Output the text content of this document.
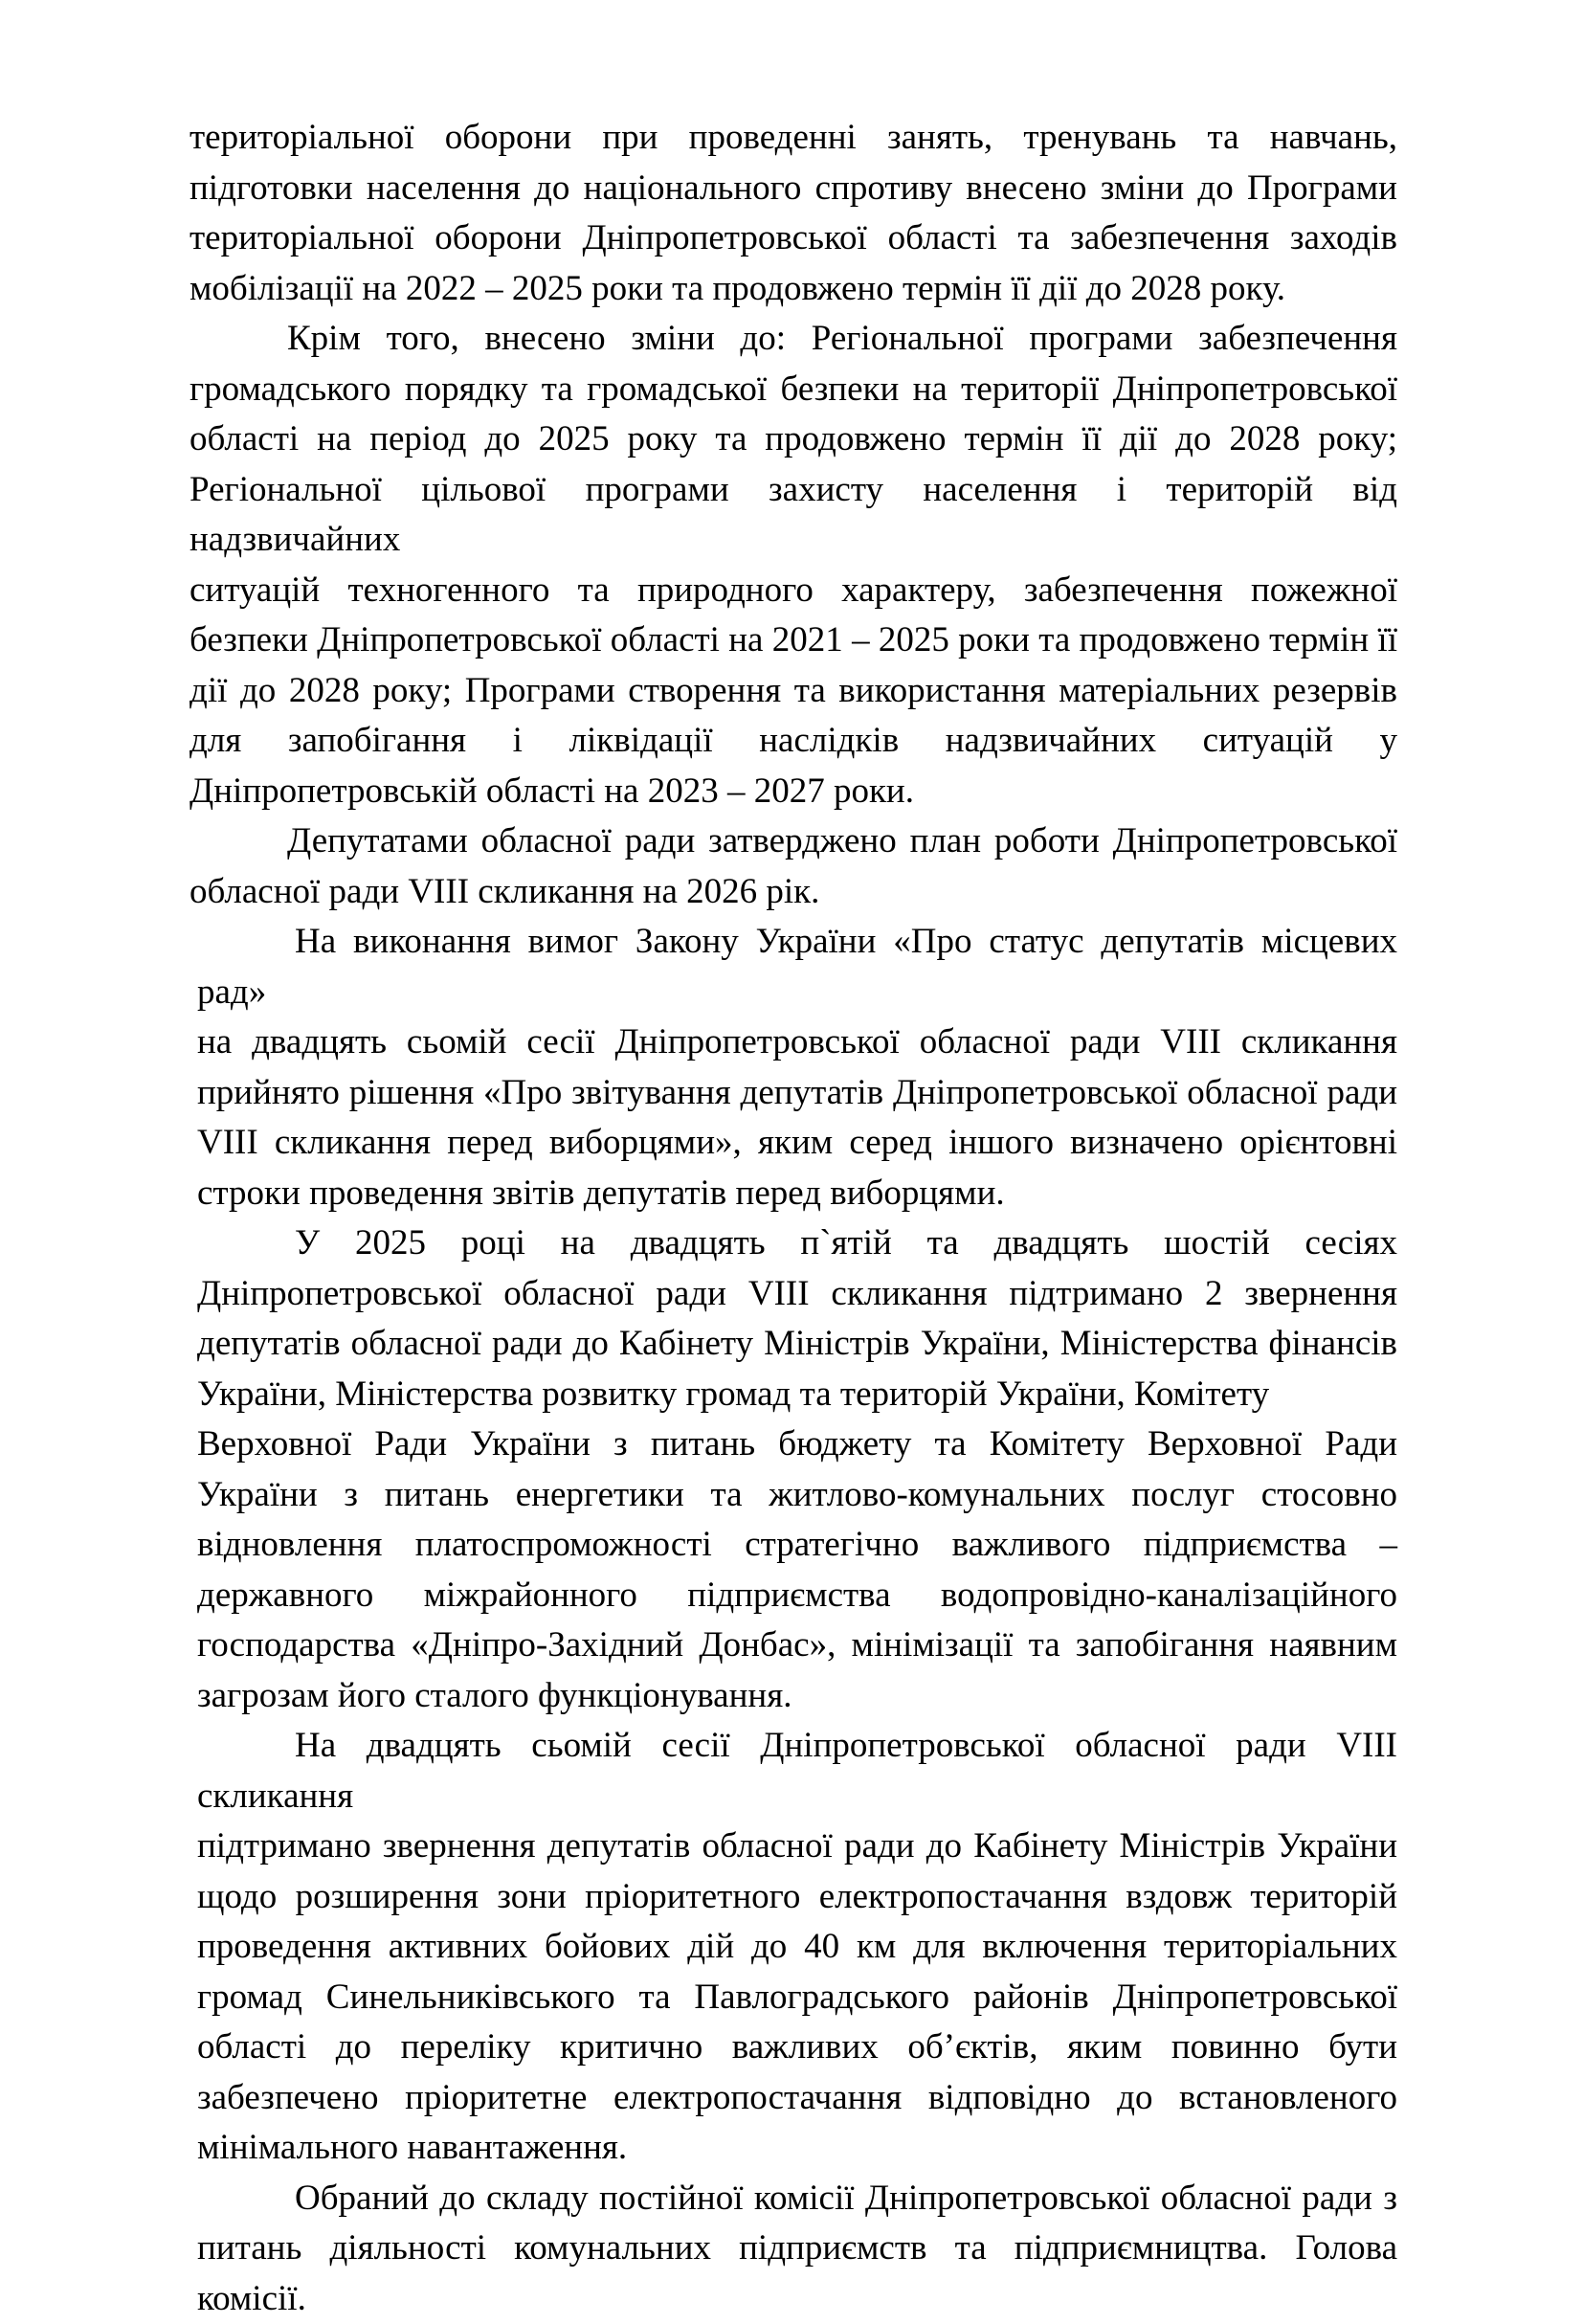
територіальної оборони при проведенні занять, тренувань та навчань,
підготовки населення до національного спротиву внесено зміни до Програми
територіальної оборони Дніпропетровської області та забезпечення заходів
мобілізації на 2022 – 2025 роки та продовжено термін її дії до 2028 року.
Крім того, внесено зміни до: Регіональної програми забезпечення
громадського порядку та громадської безпеки на території Дніпропетровської
області на період до 2025 року та продовжено термін її дії до 2028 року;
Регіональної цільової програми захисту населення і територій від надзвичайних
ситуацій техногенного та природного характеру, забезпечення пожежної
безпеки Дніпропетровської області на 2021 – 2025 роки та продовжено термін її
дії до 2028 року; Програми створення та використання матеріальних резервів
для запобігання і ліквідації наслідків надзвичайних ситуацій у
Дніпропетровській області на 2023 – 2027 роки.
Депутатами обласної ради затверджено план роботи Дніпропетровської
обласної ради VIII скликання на 2026 рік.
На виконання вимог Закону України «Про статус депутатів місцевих рад»
на двадцять сьомій сесії Дніпропетровської обласної ради VIII скликання
прийнято рішення «Про звітування депутатів Дніпропетровської обласної ради
VIII скликання перед виборцями», яким серед іншого визначено орієнтовні
строки проведення звітів депутатів перед виборцями.
У 2025 році на двадцять п`ятій та двадцять шостій сесіях
Дніпропетровської обласної ради VIII скликання підтримано 2 звернення
депутатів обласної ради до Кабінету Міністрів України, Міністерства фінансів
України, Міністерства розвитку громад та територій України, Комітету
Верховної Ради України з питань бюджету та Комітету Верховної Ради
України з питань енергетики та житлово-комунальних послуг стосовно
відновлення платоспроможності стратегічно важливого підприємства –
державного міжрайонного підприємства водопровідно-каналізаційного
господарства «Дніпро-Західний Донбас», мінімізації та запобігання наявним
загрозам його сталого функціонування.
На двадцять сьомій сесії Дніпропетровської обласної ради VIII скликання
підтримано звернення депутатів обласної ради до Кабінету Міністрів України
щодо розширення зони пріоритетного електропостачання вздовж територій
проведення активних бойових дій до 40 км для включення територіальних
громад Синельниківського та Павлоградського районів Дніпропетровської
області до переліку критично важливих об’єктів, яким повинно бути
забезпечено пріоритетне електропостачання відповідно до встановленого
мінімального навантаження.
Обраний до складу постійної комісії Дніпропетровської обласної ради з
питань діяльності комунальних підприємств та підприємництва. Голова
комісії.
